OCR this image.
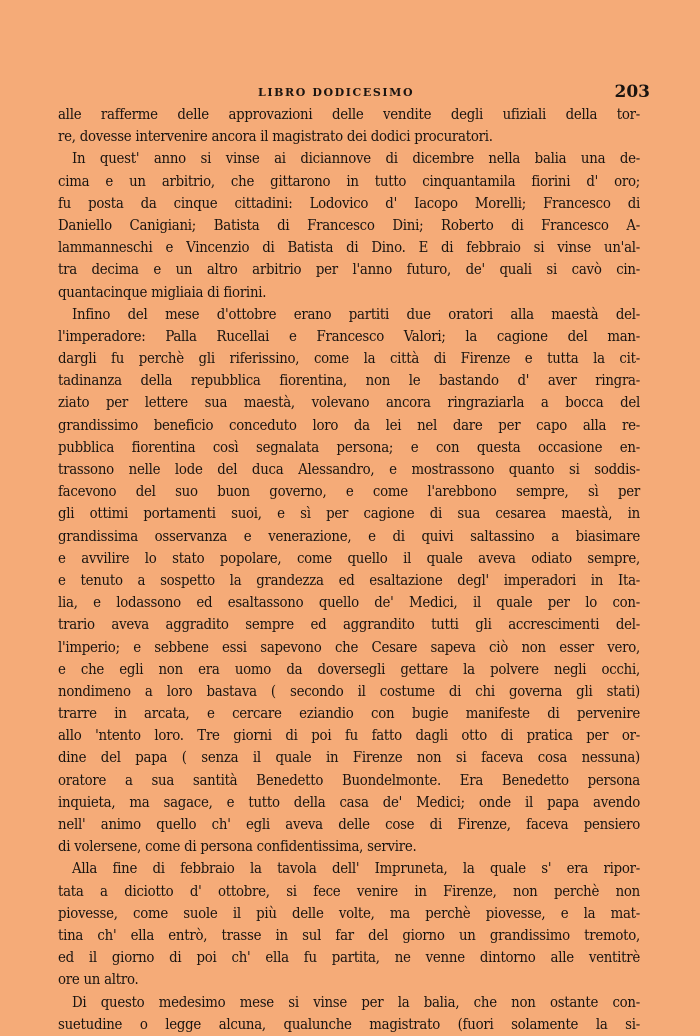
LIBRO DODICESIMO	203
alle rafferme delle approvazioni delle vendite degli ufiziali della tor-
re, dovesse intervenire ancora il magistrato dei dodici procuratori.
In quest' anno si vinse ai diciannove di dicembre nella balia una de-
cima e un arbitrio, che gittarono in tutto cinquantamila fiorini d' oro;
fu posta da cinque cittadini: Lodovico d' Iacopo Morelli; Francesco di
Daniello Canigiani; Batista di Francesco Dini; Roberto di Francesco A-
lammanneschi e Vincenzio di Batista di Dino. E di febbraio si vinse un'al-
tra decima e un altro arbitrio per l'anno futuro, de' quali si cavò cin-
quantacinque migliaia di fiorini.
Infino del mese d'ottobre erano partiti due oratori alla maestà del-
l'imperadore: Palla Rucellai e Francesco Valori; la cagione del man-
dargli fu perchè gli riferissino, come la città di Firenze e tutta la cit-
tadinanza della repubblica fiorentina, non le bastando d' aver ringra-
ziato per lettere sua maestà, volevano ancora ringraziarla a bocca del
grandissimo beneficio conceduto loro da lei nel dare per capo alla re-
pubblica fiorentina così segnalata persona; e con questa occasione en-
trassono nelle lode del duca Alessandro, e mostrassono quanto si soddis-
facevono del suo buon governo, e come l'arebbono sempre, sì per
gli ottimi portamenti suoi, e sì per cagione di sua cesarea maestà, in
grandissima osservanza e venerazione, e di quivi saltassino a biasimare
e avvilire lo stato popolare, come quello il quale aveva odiato sempre,
e tenuto a sospetto la grandezza ed esaltazione degl' imperadori in Ita-
lia, e lodassono ed esaltassono quello de' Medici, il quale per lo con-
trario aveva aggradito sempre ed aggrandito tutti gli accrescimenti del-
l'imperio; e sebbene essi sapevono che Cesare sapeva ciò non esser vero,
e che egli non era uomo da doversegli gettare la polvere negli occhi,
nondimeno a loro bastava ( secondo il costume di chi governa gli stati)
trarre in arcata, e cercare eziandio con bugie manifeste di pervenire
allo 'ntento loro. Tre giorni di poi fu fatto dagli otto di pratica per or-
dine del papa ( senza il quale in Firenze non si faceva cosa nessuna)
oratore a sua santità Benedetto Buondelmonte. Era Benedetto persona
inquieta, ma sagace, e tutto della casa de' Medici; onde il papa avendo
nell' animo quello ch' egli aveva delle cose di Firenze, faceva pensiero
di volersene, come di persona confidentissima, servire.
Alla fine di febbraio la tavola dell' Impruneta, la quale s' era ripor-
tata a diciotto d' ottobre, si fece venire in Firenze, non perchè non
piovesse, come suole il più delle volte, ma perchè piovesse, e la mat-
tina ch' ella entrò, trasse in sul far del giorno un grandissimo tremoto,
ed il giorno di poi ch' ella fu partita, ne venne dintorno alle ventitrè
ore un altro.
Di questo medesimo mese si vinse per la balia, che non ostante con-
suetudine o legge alcuna, qualunche magistrato (fuori solamente la si-
